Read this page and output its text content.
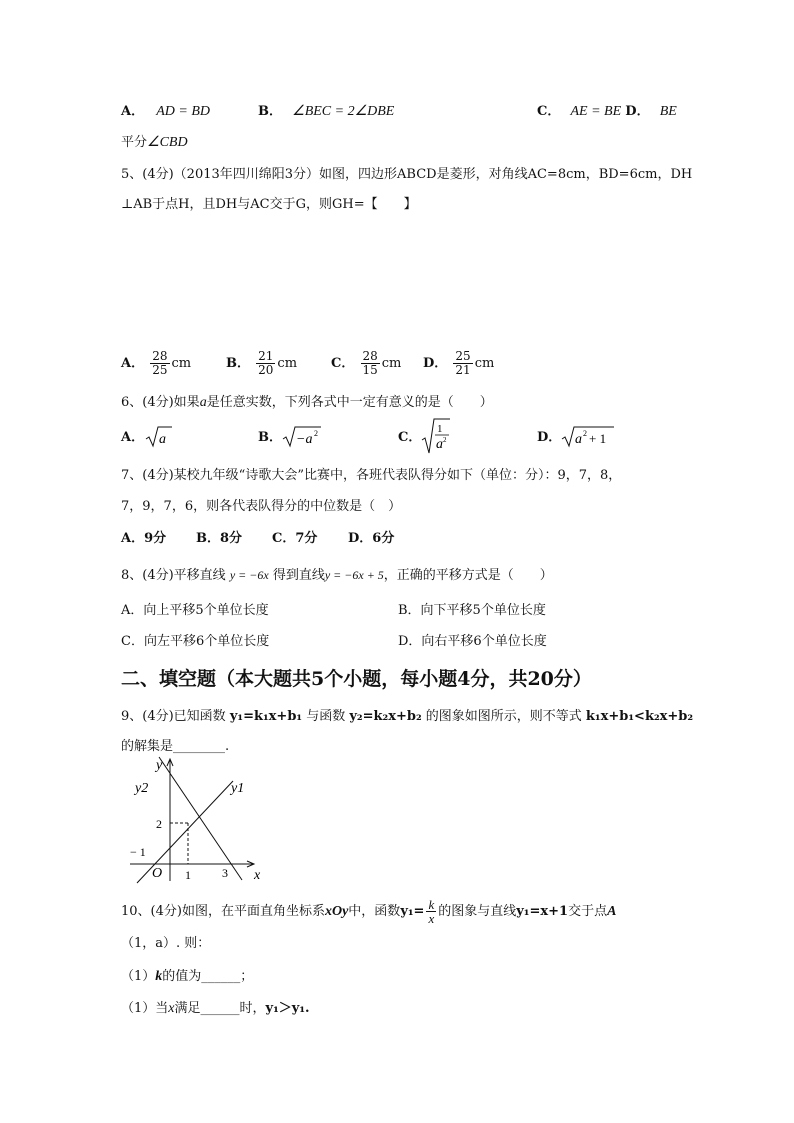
A． AD = BD	B． ∠BEC = 2∠DBE	C． AE = BE D． BE
平分∠CBD
5、(4分)（2013年四川绵阳3分）如图，四边形ABCD是菱形，对角线AC=8cm，BD=6cm，DH
⊥AB于点H，且DH与AC交于G，则GH=【　　】
A． $\frac{28}{25}$ cm	B． $\frac{21}{20}$ cm	C． $\frac{28}{15}$ cm D． $\frac{25}{21}$ cm
6、(4分)如果a是任意实数，下列各式中一定有意义的是（　　）
A． a	B． −a 2	C．
1
a 2	D． a 2 + 1
7、(4分)某校九年级“诗歌大会”比赛中，各班代表队得分如下（单位：分）：9，7，8，
7，9，7，6，则各代表队得分的中位数是（　）
A．9分 B．8分 C．7分 D．6分
8、(4分)平移直线 y = −6x 得到直线y = −6x + 5，正确的平移方式是（　　）
A．向上平移5个单位长度	B．向下平移5个单位长度
C．向左平移6个单位长度	D．向右平移6个单位长度
二、填空题（本大题共5个小题，每小题4分，共20分）
9、(4分)已知函数 y₁=k₁x+b₁ 与函数 y₂=k₂x+b₂ 的图象如图所示，则不等式 k₁x+b₁<k₂x+b₂
的解集是________.
y
y2	y1
2
− 1
O 1	3 x
10、(4分)如图，在平面直角坐标系xOy中，函数$y_1= \frac{k}{x}$ 的图象与直线y₁=x+1交于点A
（1，a）. 则：
（1）k的值为______；
（1）当x满足______时，y₁＞y₁.
